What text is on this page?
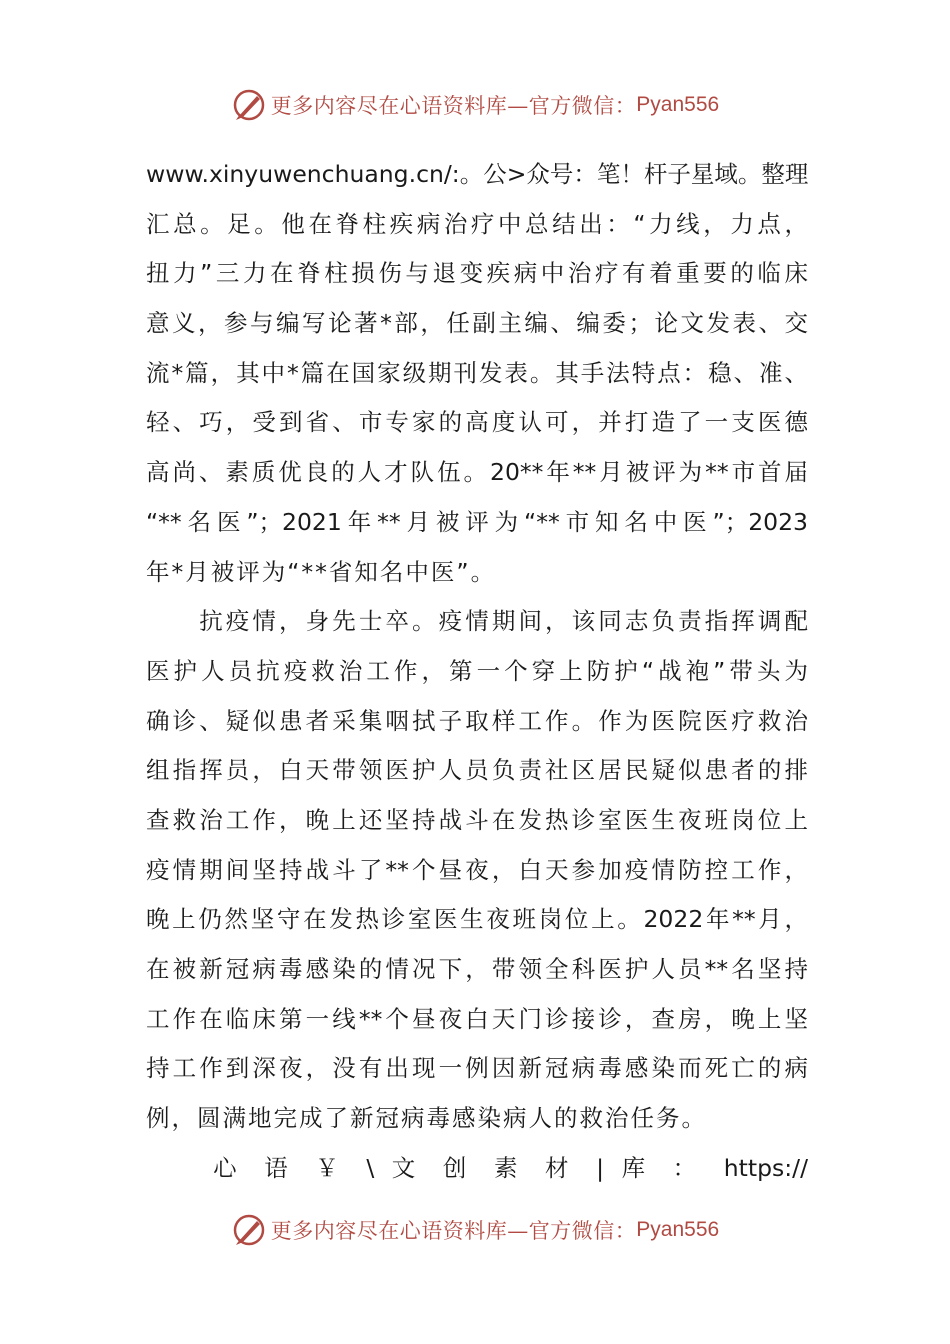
更多内容尽在心语资料库—官方微信： Pyan556
www.xinyuwenchuang.cn/:。公>众号：笔！杆子星域。整理
汇总。足。他在脊柱疾病治疗中总结出：“力线，力点，
扭力”三力在脊柱损伤与退变疾病中治疗有着重要的临床
意义，参与编写论著*部，任副主编、编委；论文发表、交
流*篇，其中*篇在国家级期刊发表。其手法特点：稳、准、
轻、巧，受到省、市专家的高度认可，并打造了一支医德
高尚、素质优良的人才队伍。20**年**月被评为**市首届
“**名医”；2021年**月被评为“**市知名中医”；2023
年*月被评为“**省知名中医”。
　　抗疫情，身先士卒。疫情期间，该同志负责指挥调配
医护人员抗疫救治工作，第一个穿上防护“战袍”带头为
确诊、疑似患者采集咽拭子取样工作。作为医院医疗救治
组指挥员，白天带领医护人员负责社区居民疑似患者的排
查救治工作，晚上还坚持战斗在发热诊室医生夜班岗位上
疫情期间坚持战斗了**个昼夜，白天参加疫情防控工作，
晚上仍然坚守在发热诊室医生夜班岗位上。2022年**月，
在被新冠病毒感染的情况下，带领全科医护人员**名坚持
工作在临床第一线**个昼夜白天门诊接诊，查房，晚上坚
持工作到深夜，没有出现一例因新冠病毒感染而死亡的病
例，圆满地完成了新冠病毒感染病人的救治任务。
　　心 语 ￥ \ 文 创 素 材 | 库 ： https://
更多内容尽在心语资料库—官方微信： Pyan556
